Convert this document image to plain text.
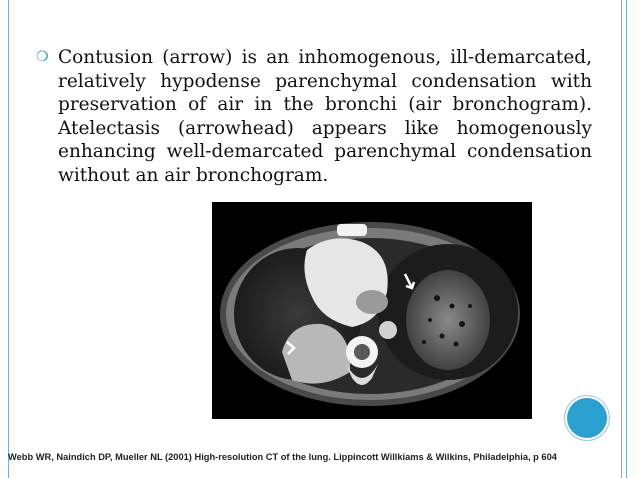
❍ Contusion (arrow) is an inhomogenous, ill-demarcated, relatively hypodense parenchymal condensation with preservation of air in the bronchi (air bronchogram). Atelectasis (arrowhead) appears like homogenously enhancing well-demarcated parenchymal condensation without an air bronchogram.
Webb WR, Naindich DP, Mueller NL (2001) High-resolution CT of the lung. Lippincott Willkiams & Wilkins, Philadelphia, p 604
